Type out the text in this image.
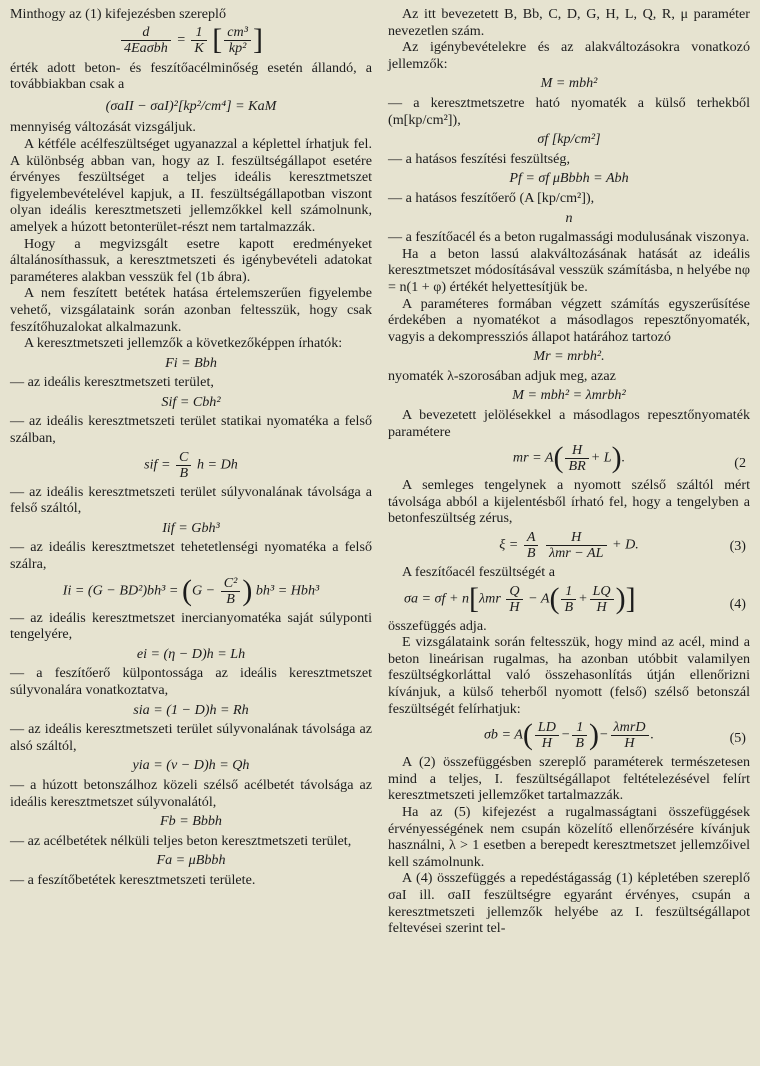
Minthogy az (1) kifejezésben szereplő

$\frac{d}{\text{4Eaσbh}} = \frac{1}{K}$ [ $\frac{\text{cm³}}{\text{kp²}}$ ]

érték adott beton- és feszítőacélminőség esetén állandó, a továbbiakban csak a

(σaII − σaI)²[kp²/cm⁴] = KaM

mennyiség változását vizsgáljuk.

A kétféle acélfeszültséget ugyanazzal a képlettel írhatjuk fel. A különbség abban van, hogy az I. feszültségállapot esetére érvényes feszültséget a teljes ideális keresztmetszet figyelembevételével kapjuk, a II. feszültségállapotban viszont olyan ideális keresztmetszeti jellemzőkkel kell számolnunk, amelyek a húzott betonterület-részt nem tartalmazzák.

Hogy a megvizsgált esetre kapott eredményeket általánosíthassuk, a keresztmetszeti és igénybevételi adatokat paraméteres alakban vesszük fel (1b ábra).

A nem feszített betétek hatása értelemszerűen figyelembe vehető, vizsgálataink során azonban feltesszük, hogy csak feszítőhuzalokat alkalmazunk.

A keresztmetszeti jellemzők a következőképpen írhatók:

Fi = Bbh

— az ideális keresztmetszeti terület,

Sif = Cbh²

— az ideális keresztmetszeti terület statikai nyomatéka a felső szálban,

sif = $\frac{C}{B}$ h = Dh

— az ideális keresztmetszeti terület súlyvonalának távolsága a felső száltól,

Iif = Gbh³

— az ideális keresztmetszet tehetetlenségi nyomatéka a felső szálra,

$Ii = (G - BD^2)bh^3 = (G - \frac{\text{C²}}{B}$ ) bh³ = Hbh³

— az ideális keresztmetszet inercianyomatéka saját súlyponti tengelyére,

ei = (η − D)h = Lh

— a feszítőerő külpontossága az ideális keresztmetszet súlyvonalára vonatkoztatva,

sia = (1 − D)h = Rh

— az ideális keresztmetszeti terület súlyvonalának távolsága az alsó száltól,

yia = (ν − D)h = Qh

— a húzott betonszálhoz közeli szélső acélbetét távolsága az ideális keresztmetszet súlyvonalától,

Fb = Bbbh

— az acélbetétek nélküli teljes beton keresztmetszeti terület,

Fa = μBbbh

— a feszítőbetétek keresztmetszeti területe.

Az itt bevezetett B, Bb, C, D, G, H, L, Q, R, μ paraméter nevezetlen szám.

Az igénybevételekre és az alakváltozásokra vonatkozó jellemzők:

M = mbh²

— a keresztmetszetre ható nyomaték a külső terhekből (m[kp/cm²]),

σf [kp/cm²]

— a hatásos feszítési feszültség,

Pf = σf μBbbh = Abh

— a hatásos feszítőerő (A [kp/cm²]),

n

— a feszítőacél és a beton rugalmassági modulusának viszonya.

Ha a beton lassú alakváltozásának hatását az ideális keresztmetszet módosításával vesszük számításba, n helyébe nφ = n(1 + φ) értékét helyettesítjük be.

A paraméteres formában végzett számítás egyszerűsítése érdekében a nyomatékot a másodlagos repesztőnyomaték, vagyis a dekompressziós állapot határához tartozó

Mr = mrbh².

nyomaték λ-szorosában adjuk meg, azaz

M = mbh² = λmrbh²

A bevezetett jelölésekkel a másodlagos repesztőnyomaték paramétere

mr = $A( \frac{H}{BR} + L)$.	(2

A semleges tengelynek a nyomott szélső száltól mért távolsága abból a kijelentésből írható fel, hogy a tengelyben a betonfeszültség zérus,

$\xi = \frac{A}{B}$
$\frac{H}{\text{λmr − AL}} + D$.	(3)

A feszítőacél feszültségét a

$\sigma a = \sigma f + n[\lambda mr \frac{Q}{H} - A( \frac{1}{B} + \frac{LQ}{H}$ )]	(4)

összefüggés adja.

E vizsgálataink során feltesszük, hogy mind az acél, mind a beton lineárisan rugalmas, ha azonban utóbbit valamilyen feszültségkorláttal való összehasonlítás útján ellenőrizni kívánjuk, a külső teherből nyomott (felső) szélső betonszál feszültségét felírhatjuk:

$\sigma b = A( \frac{LD}{H} - \frac{1}{B}$ )− $\frac{\text{λmrD}}{H}$ .	(5)

A (2) összefüggésben szereplő paraméterek természetesen mind a teljes, I. feszültségállapot feltételezésével felírt keresztmetszeti jellemzőket tartalmazzák.

Ha az (5) kifejezést a rugalmasságtani összefüggések érvényességének nem csupán közelítő ellenőrzésére kívánjuk használni, λ > 1 esetben a berepedt keresztmetszet jellemzőivel kell számolnunk.

A (4) összefüggés a repedéstágasság (1) képletében szereplő σaI ill. σaII feszültségre egyaránt érvényes, csupán a keresztmetszeti jellemzők helyébe az I. feszültségállapot feltevései szerint tel-
